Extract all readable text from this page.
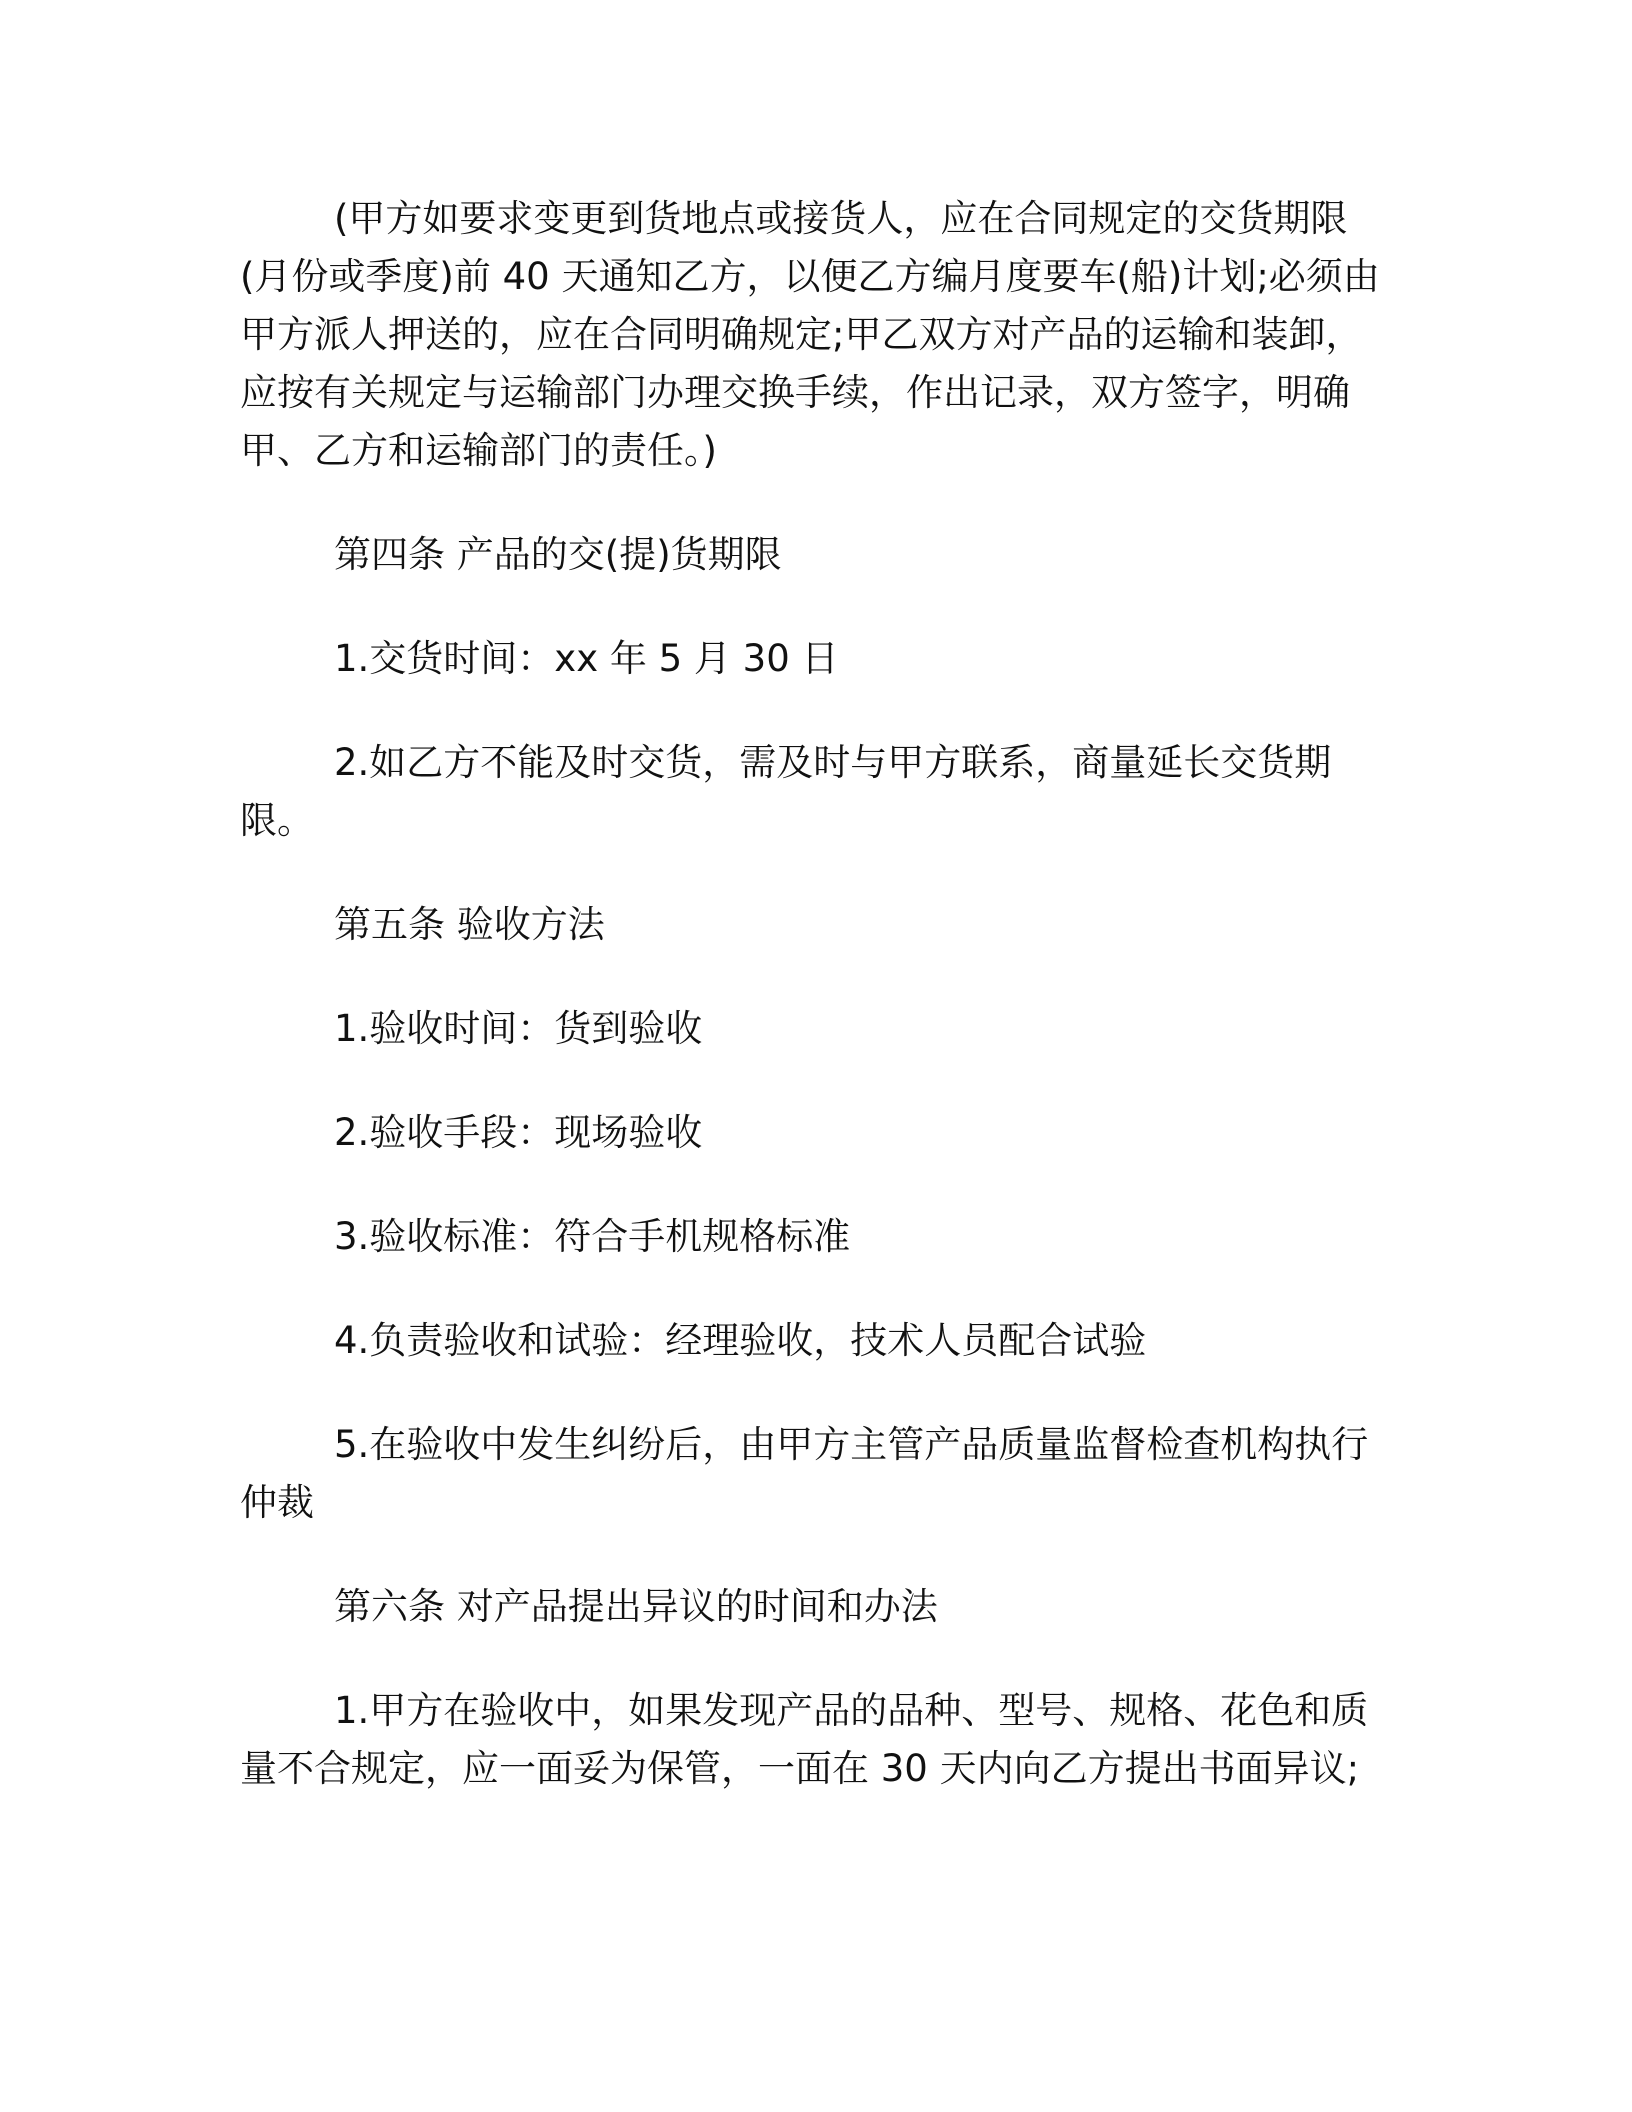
(甲方如要求变更到货地点或接货人，应在合同规定的交货期限(月份或季度)前 40 天通知乙方，以便乙方编月度要车(船)计划;必须由甲方派人押送的，应在合同明确规定;甲乙双方对产品的运输和装卸，应按有关规定与运输部门办理交换手续，作出记录，双方签字，明确甲、乙方和运输部门的责任。)

第四条 产品的交(提)货期限

1.交货时间：xx 年 5 月 30 日

2.如乙方不能及时交货，需及时与甲方联系，商量延长交货期限。

第五条 验收方法

1.验收时间：货到验收

2.验收手段：现场验收

3.验收标准：符合手机规格标准

4.负责验收和试验：经理验收，技术人员配合试验

5.在验收中发生纠纷后，由甲方主管产品质量监督检查机构执行仲裁

第六条 对产品提出异议的时间和办法

1.甲方在验收中，如果发现产品的品种、型号、规格、花色和质量不合规定，应一面妥为保管，一面在 30 天内向乙方提出书面异议;
